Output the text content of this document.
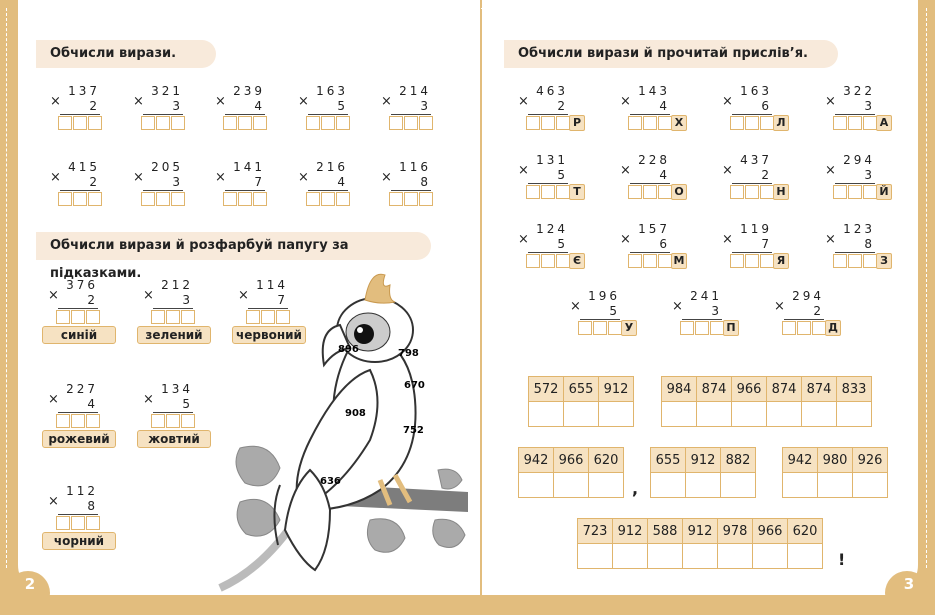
2	3
Обчисли вирази.
Обчисли вирази й розфарбуй папугу за підказками.
Обчисли вирази й прочитай прислів’я.
×
137
2	×
321
3 ×
239
4	×
163
5	×
214
3
×
415
2	×
205
3 ×
141
7	×
216
4	×
116
8
×
376
2
синій
×
212
3
зелений
×
114
7
червоний
×
227
4
рожевий
×
134
5
жовтий
×
112
8
чорний
×
463
2
Р
×
143
4
Х
×
163
6
Л
×
322
3
А
×
131
5
Т
×
228
4
О
×
437
2
Н
×
294
3
Й
×
124
5
Є
×
157
6
М
×
119
7
Я
×
123
8
З
×
196
5
У
×
241
3
П
×
294
2
Д
572	655	912
			984	874	966	874	874	833

942	966	620
			655	912	882
			942	980	926

723	912	588	912	978	966	620

,
!
896	798
670
908
752
636
